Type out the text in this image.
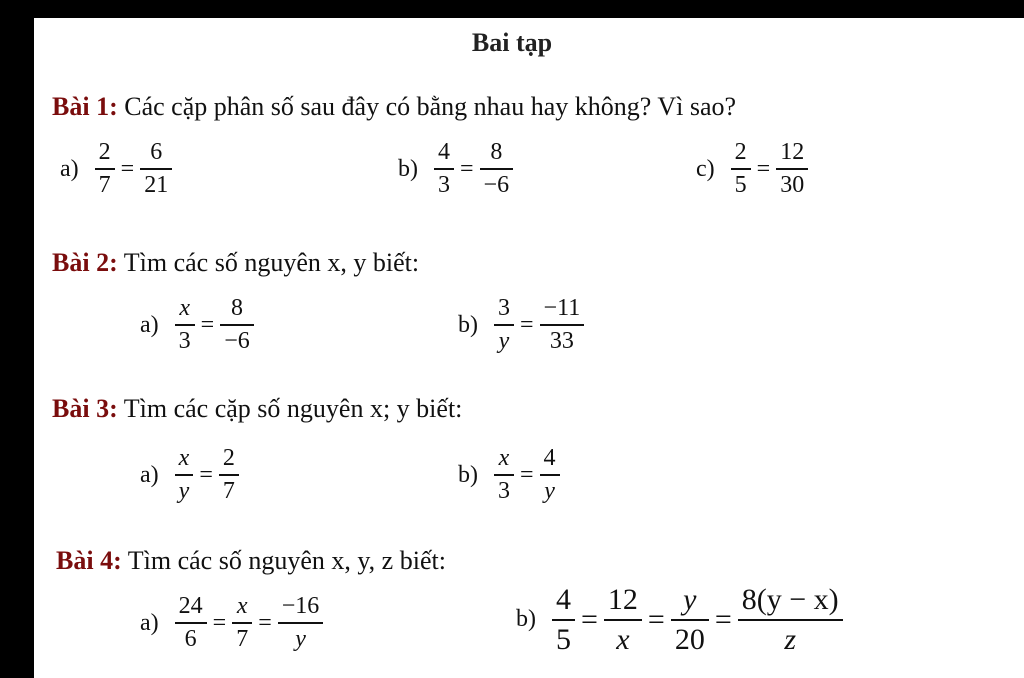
Bai tạp
Bài 1: Các cặp phân số sau đây có bằng nhau hay không? Vì sao?
$a) \frac{2}{7} = \frac{6}{21}$	$b) \frac{4}{3} = \frac{8}{-6}$	$c) \frac{2}{5} = \frac{12}{30}$
Bài 2: Tìm các số nguyên x, y biết:
$a) \frac{x}{3} = \frac{8}{-6}$	$b) \frac{3}{y} = \frac{-11}{33}$
Bài 3: Tìm các cặp số nguyên x; y biết:
$a) \frac{x}{y} = \frac{2}{7}$	$b) \frac{x}{3} = \frac{4}{y}$
Bài 4: Tìm các số nguyên x, y, z biết:
$a) \frac{24}{6} = \frac{x}{7} = \frac{-16}{y}$	$b) \frac{4}{5} = \frac{12}{x} = \frac{y}{20} = \frac{8(y - x)}{z}$
